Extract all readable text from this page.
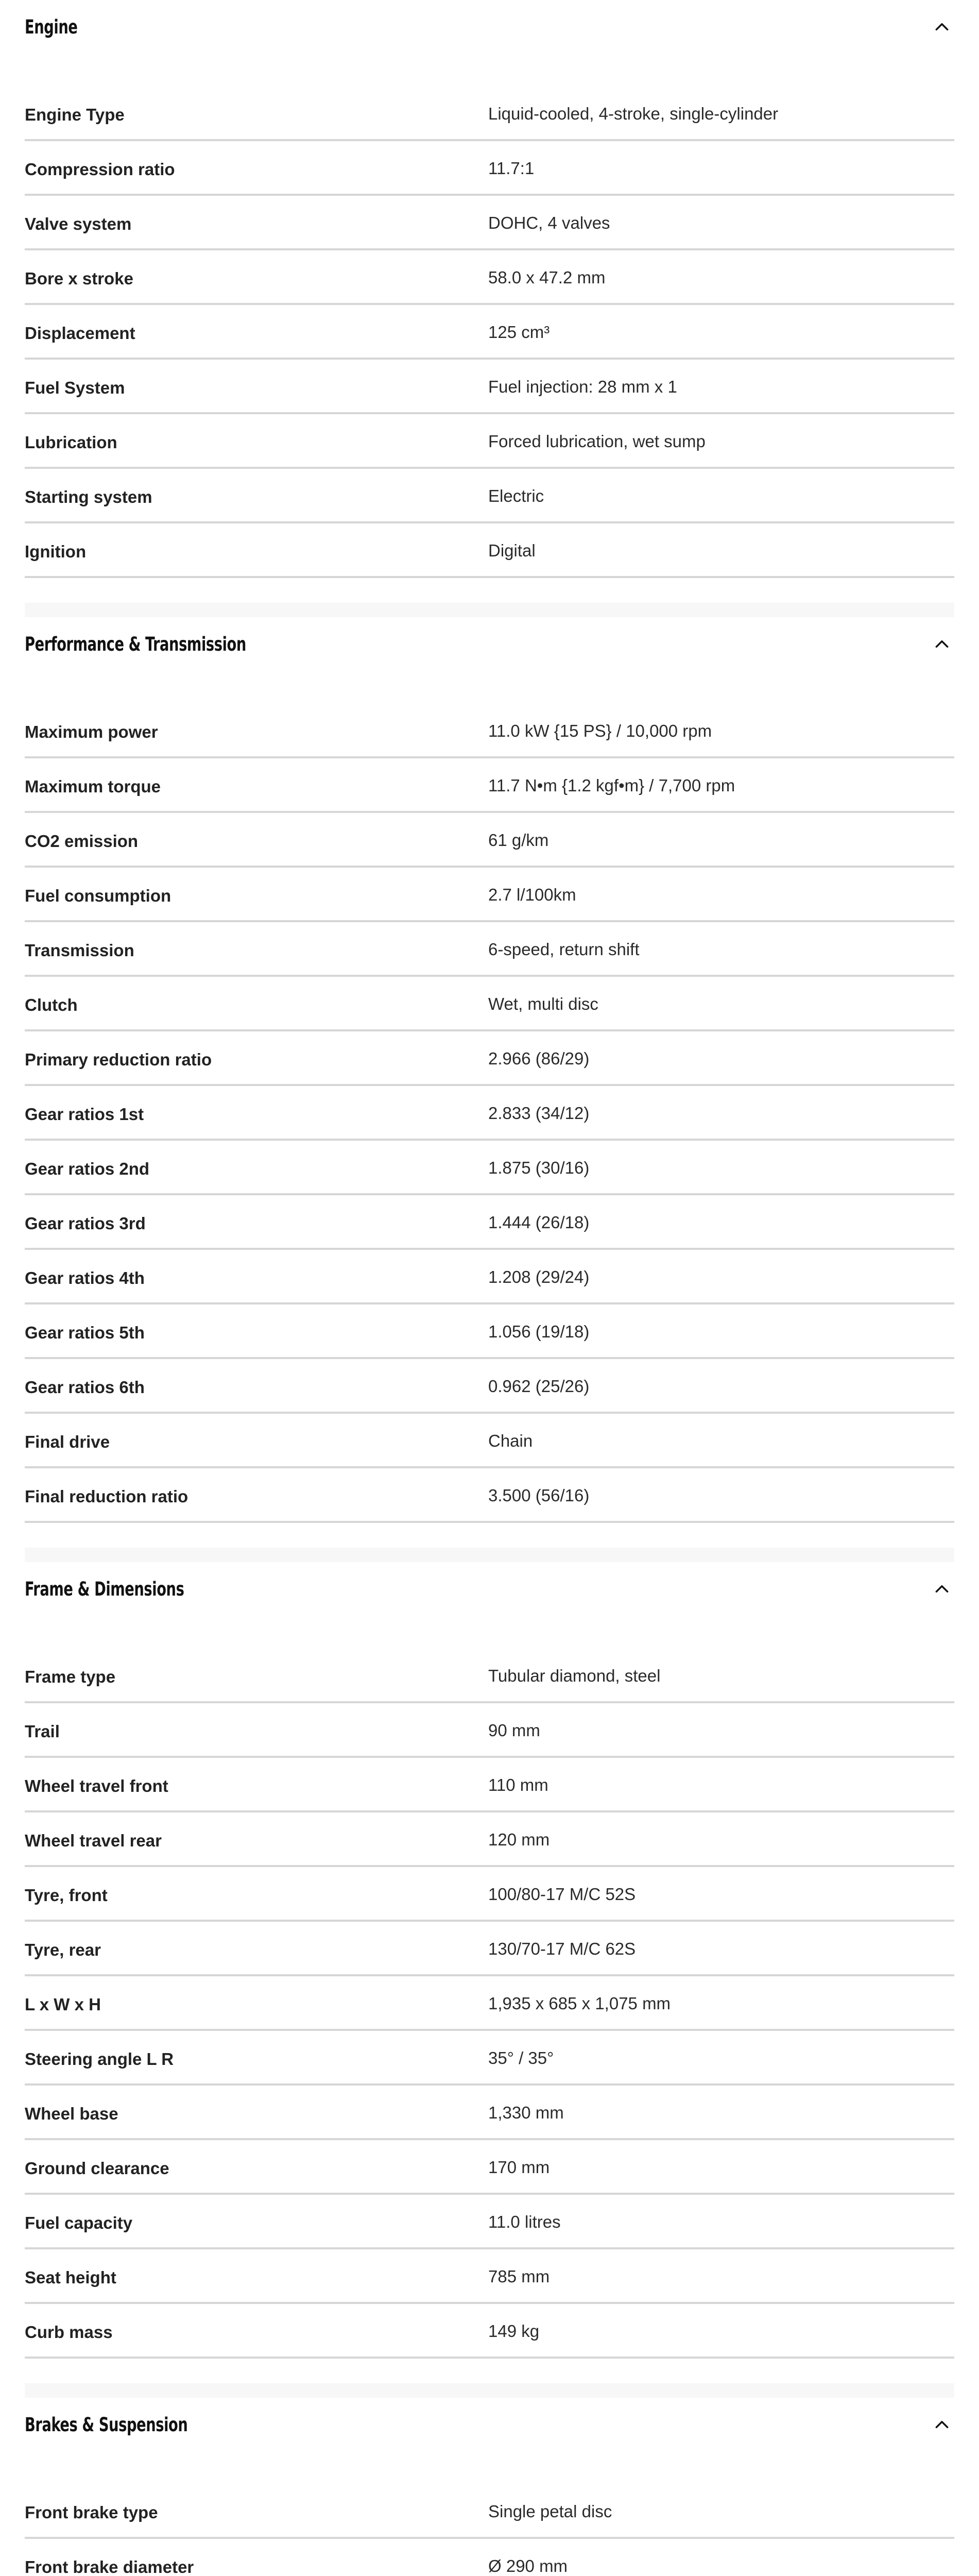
Engine
Engine Type	Liquid-cooled, 4-stroke, single-cylinder
Compression ratio	11.7:1
Valve system	DOHC, 4 valves
Bore x stroke	58.0 x 47.2 mm
Displacement	125 cm³
Fuel System	Fuel injection: 28 mm x 1
Lubrication	Forced lubrication, wet sump
Starting system	Electric
Ignition	Digital
Performance & Transmission
Maximum power	11.0 kW {15 PS} / 10,000 rpm
Maximum torque	11.7 N•m {1.2 kgf•m} / 7,700 rpm
CO2 emission	61 g/km
Fuel consumption	2.7 l/100km
Transmission	6-speed, return shift
Clutch	Wet, multi disc
Primary reduction ratio	2.966 (86/29)
Gear ratios 1st	2.833 (34/12)
Gear ratios 2nd	1.875 (30/16)
Gear ratios 3rd	1.444 (26/18)
Gear ratios 4th	1.208 (29/24)
Gear ratios 5th	1.056 (19/18)
Gear ratios 6th	0.962 (25/26)
Final drive	Chain
Final reduction ratio	3.500 (56/16)
Frame & Dimensions
Frame type	Tubular diamond, steel
Trail	90 mm
Wheel travel front	110 mm
Wheel travel rear	120 mm
Tyre, front	100/80-17 M/C 52S
Tyre, rear	130/70-17 M/C 62S
L x W x H	1,935 x 685 x 1,075 mm
Steering angle L R	35° / 35°
Wheel base	1,330 mm
Ground clearance	170 mm
Fuel capacity	11.0 litres
Seat height	785 mm
Curb mass	149 kg
Brakes & Suspension
Front brake type	Single petal disc
Front brake diameter	Ø 290 mm
